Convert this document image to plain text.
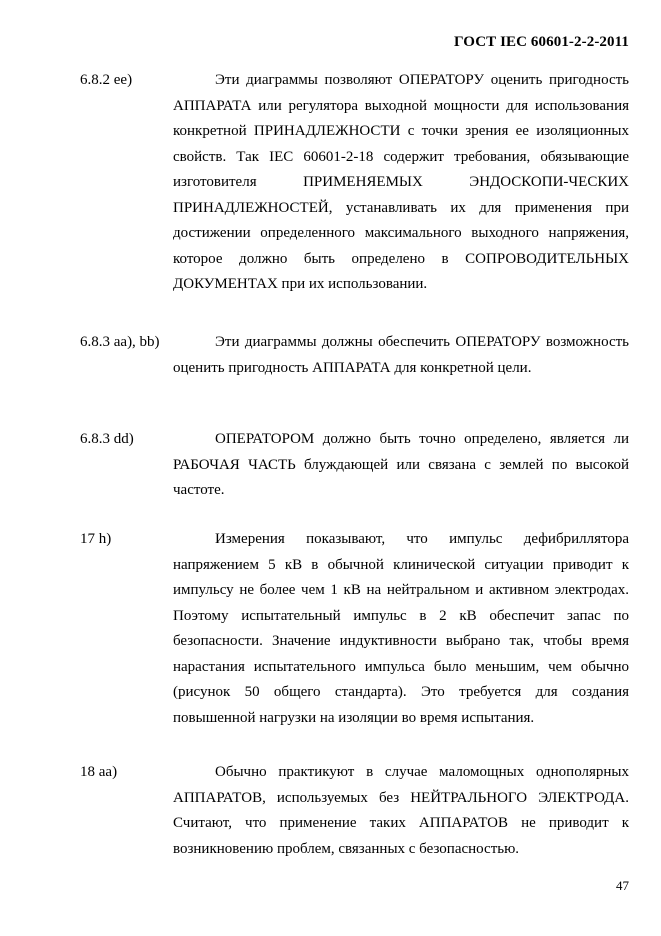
ГОСТ IEC 60601-2-2-2011
6.8.2 ee)	Эти диаграммы позволяют ОПЕРАТОРУ оценить пригодность АППАРАТА или регулятора выходной мощности для использования конкретной ПРИНАДЛЕЖНОСТИ с точки зрения ее изоляционных свойств. Так IEC 60601-2-18 содержит требования, обязывающие изготовителя ПРИМЕНЯЕМЫХ ЭНДОСКОПИ-ЧЕСКИХ ПРИНАДЛЕЖНОСТЕЙ, устанавливать их для применения при достижении определенного максимального выходного напряжения, которое должно быть определено в СОПРОВОДИТЕЛЬНЫХ ДОКУМЕНТАХ при их использовании.
6.8.3 aa), bb)	Эти диаграммы должны обеспечить ОПЕРАТОРУ возможность оценить пригодность АППАРАТА для конкретной цели.
6.8.3 dd)	ОПЕРАТОРОМ должно быть точно определено, является ли РАБОЧАЯ ЧАСТЬ блуждающей или связана с землей по высокой частоте.
17 h)	Измерения показывают, что импульс дефибриллятора напряжением 5 кВ в обычной клинической ситуации приводит к импульсу не более чем 1 кВ на нейтральном и активном электродах. Поэтому испытательный импульс в 2 кВ обеспечит запас по безопасности. Значение индуктивности выбрано так, чтобы время нарастания испытательного импульса было меньшим, чем обычно (рисунок 50 общего стандарта). Это требуется для создания повышенной нагрузки на изоляции во время испытания.
18 aa)	Обычно практикуют в случае маломощных однополярных АППАРАТОВ, используемых без НЕЙТРАЛЬНОГО ЭЛЕКТРОДА. Считают, что применение таких АППАРАТОВ не приводит к возникновению проблем, связанных с безопасностью.
47
